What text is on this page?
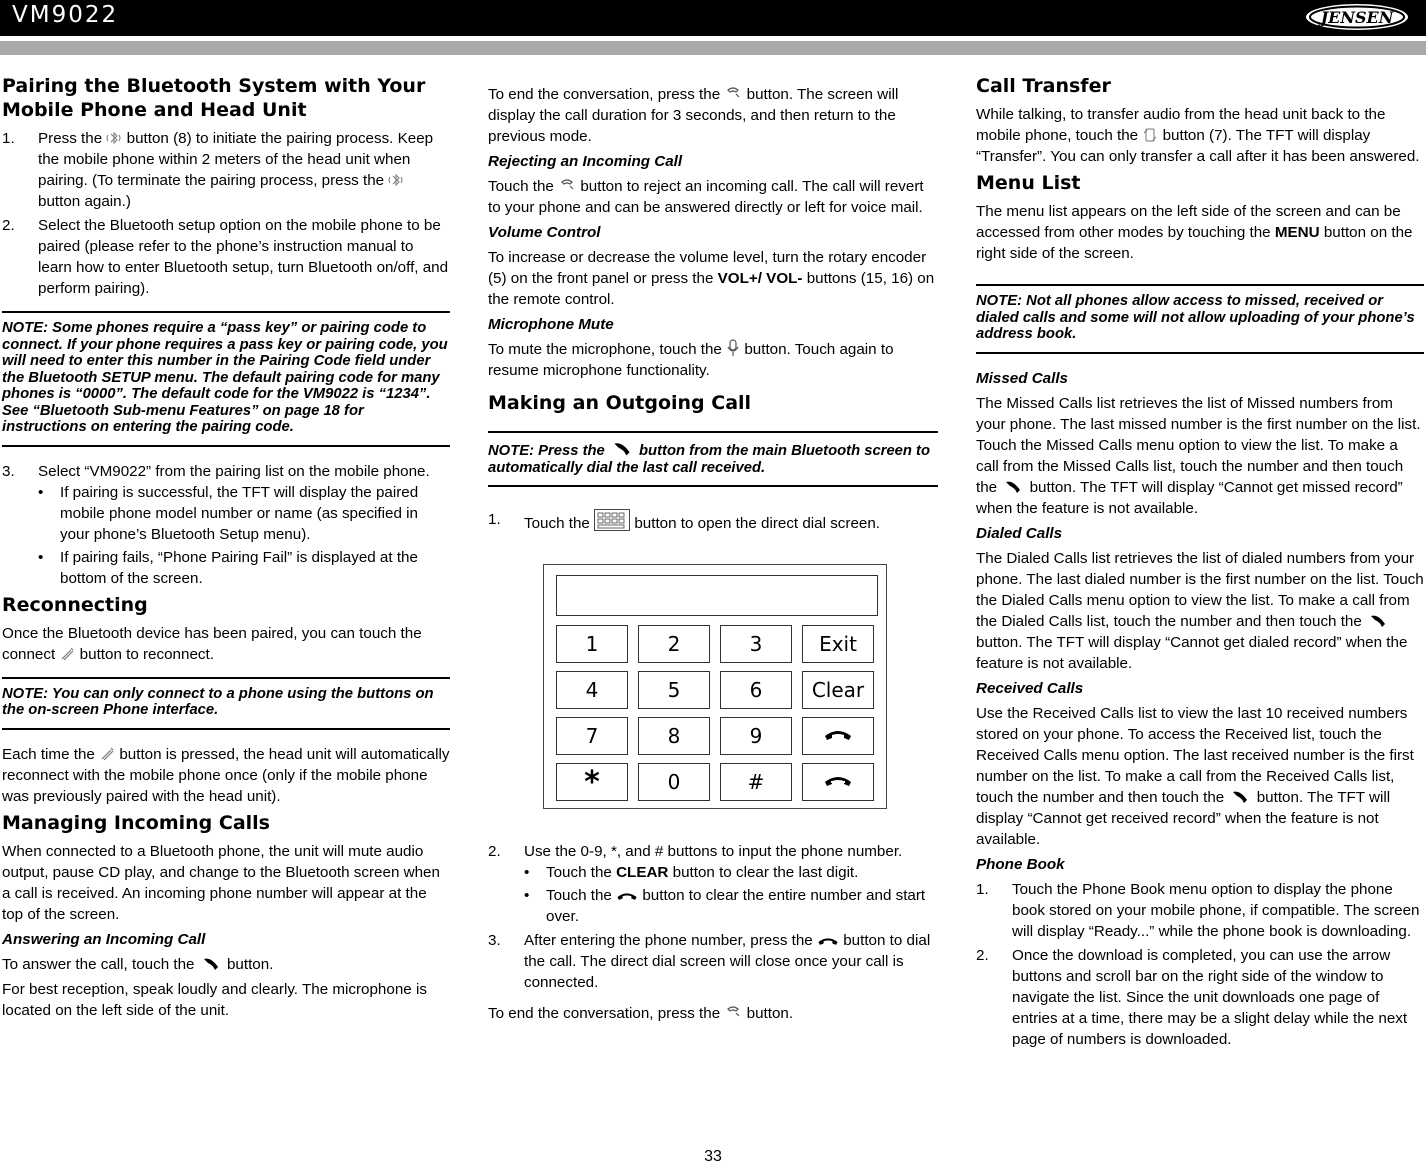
VM9022	JENSEN
Pairing the Bluetooth System with Your Mobile Phone and Head Unit
1. Press the button (8) to initiate the pairing process. Keep the mobile phone within 2 meters of the head unit when pairing. (To terminate the pairing process, press the  button again.)
2. Select the Bluetooth setup option on the mobile phone to be paired (please refer to the phone’s instruction manual to learn how to enter Bluetooth setup, turn Bluetooth on/off, and perform pairing).
NOTE: Some phones require a “pass key” or pairing code to connect. If your phone requires a pass key or pairing code, you will need to enter this number in the Pairing Code field under the Bluetooth SETUP menu. The default pairing code for many phones is “0000”. The default code for the VM9022 is “1234”. See “Bluetooth Sub-menu Features” on page 18 for instructions on entering the pairing code.
3. Select “VM9022” from the pairing list on the mobile phone.
• If pairing is successful, the TFT will display the paired mobile phone model number or name (as specified in your phone’s Bluetooth Setup menu).
• If pairing fails, “Phone Pairing Fail” is displayed at the bottom of the screen.
Reconnecting

Once the Bluetooth device has been paired, you can touch the connect button to reconnect.

NOTE: You can only connect to a phone using the buttons on the on-screen Phone interface.

Each time the button is pressed, the head unit will automatically reconnect with the mobile phone once (only if the mobile phone was previously paired with the head unit).

Managing Incoming Calls

When connected to a Bluetooth phone, the unit will mute audio output, pause CD play, and change to the Bluetooth screen when a call is received. An incoming phone number will appear at the top of the screen.

Answering an Incoming Call

To answer the call, touch the button.

For best reception, speak loudly and clearly. The microphone is located on the left side of the unit.

To end the conversation, press the button. The screen will display the call duration for 3 seconds, and then return to the previous mode.

Rejecting an Incoming Call

Touch the button to reject an incoming call. The call will revert to your phone and can be answered directly or left for voice mail.

Volume Control

To increase or decrease the volume level, turn the rotary encoder (5) on the front panel or press the VOL+/ VOL- buttons (15, 16) on the remote control.

Microphone Mute

To mute the microphone, touch the button. Touch again to resume microphone functionality.

Making an Outgoing Call
NOTE: Press the button from the main Bluetooth screen to automatically dial the last call received.
1. Touch the	button to open the direct dial screen.
1	2	3	Exit
4	5	6	Clear
7	8	9
*	0	#
2. Use the 0-9, *, and # buttons to input the phone number.
• Touch the CLEAR button to clear the last digit.
• Touch the button to clear the entire number and start over.
3. After entering the phone number, press the button to dial the call. The direct dial screen will close once your call is connected.

To end the conversation, press the button.

Call Transfer

While talking, to transfer audio from the head unit back to the mobile phone, touch the button (7). The TFT will display “Transfer”. You can only transfer a call after it has been answered.

Menu List

The menu list appears on the left side of the screen and can be accessed from other modes by touching the MENU button on the right side of the screen.

NOTE: Not all phones allow access to missed, received or dialed calls and some will not allow uploading of your phone’s address book.
Missed Calls

The Missed Calls list retrieves the list of Missed numbers from your phone. The last missed number is the first number on the list. Touch the Missed Calls menu option to view the list. To make a call from the Missed Calls list, touch the number and then touch the button. The TFT will display “Cannot get missed record” when the feature is not available.

Dialed Calls

The Dialed Calls list retrieves the list of dialed numbers from your phone. The last dialed number is the first number on the list. Touch the Dialed Calls menu option to view the list. To make a call from the Dialed Calls list, touch the number and then touch the  button. The TFT will display “Cannot get dialed record” when the feature is not available.

Received Calls

Use the Received Calls list to view the last 10 received numbers stored on your phone. To access the Received list, touch the Received Calls menu option. The last received number is the first number on the list. To make a call from the Received Calls list, touch the number and then touch the button. The TFT will display “Cannot get received record” when the feature is not available.

Phone Book
1. Touch the Phone Book menu option to display the phone book stored on your mobile phone, if compatible. The screen will display “Ready...” while the phone book is downloading.
2. Once the download is completed, you can use the arrow buttons and scroll bar on the right side of the window to navigate the list. Since the unit downloads one page of entries at a time, there may be a slight delay while the next page of numbers is downloaded.
33
